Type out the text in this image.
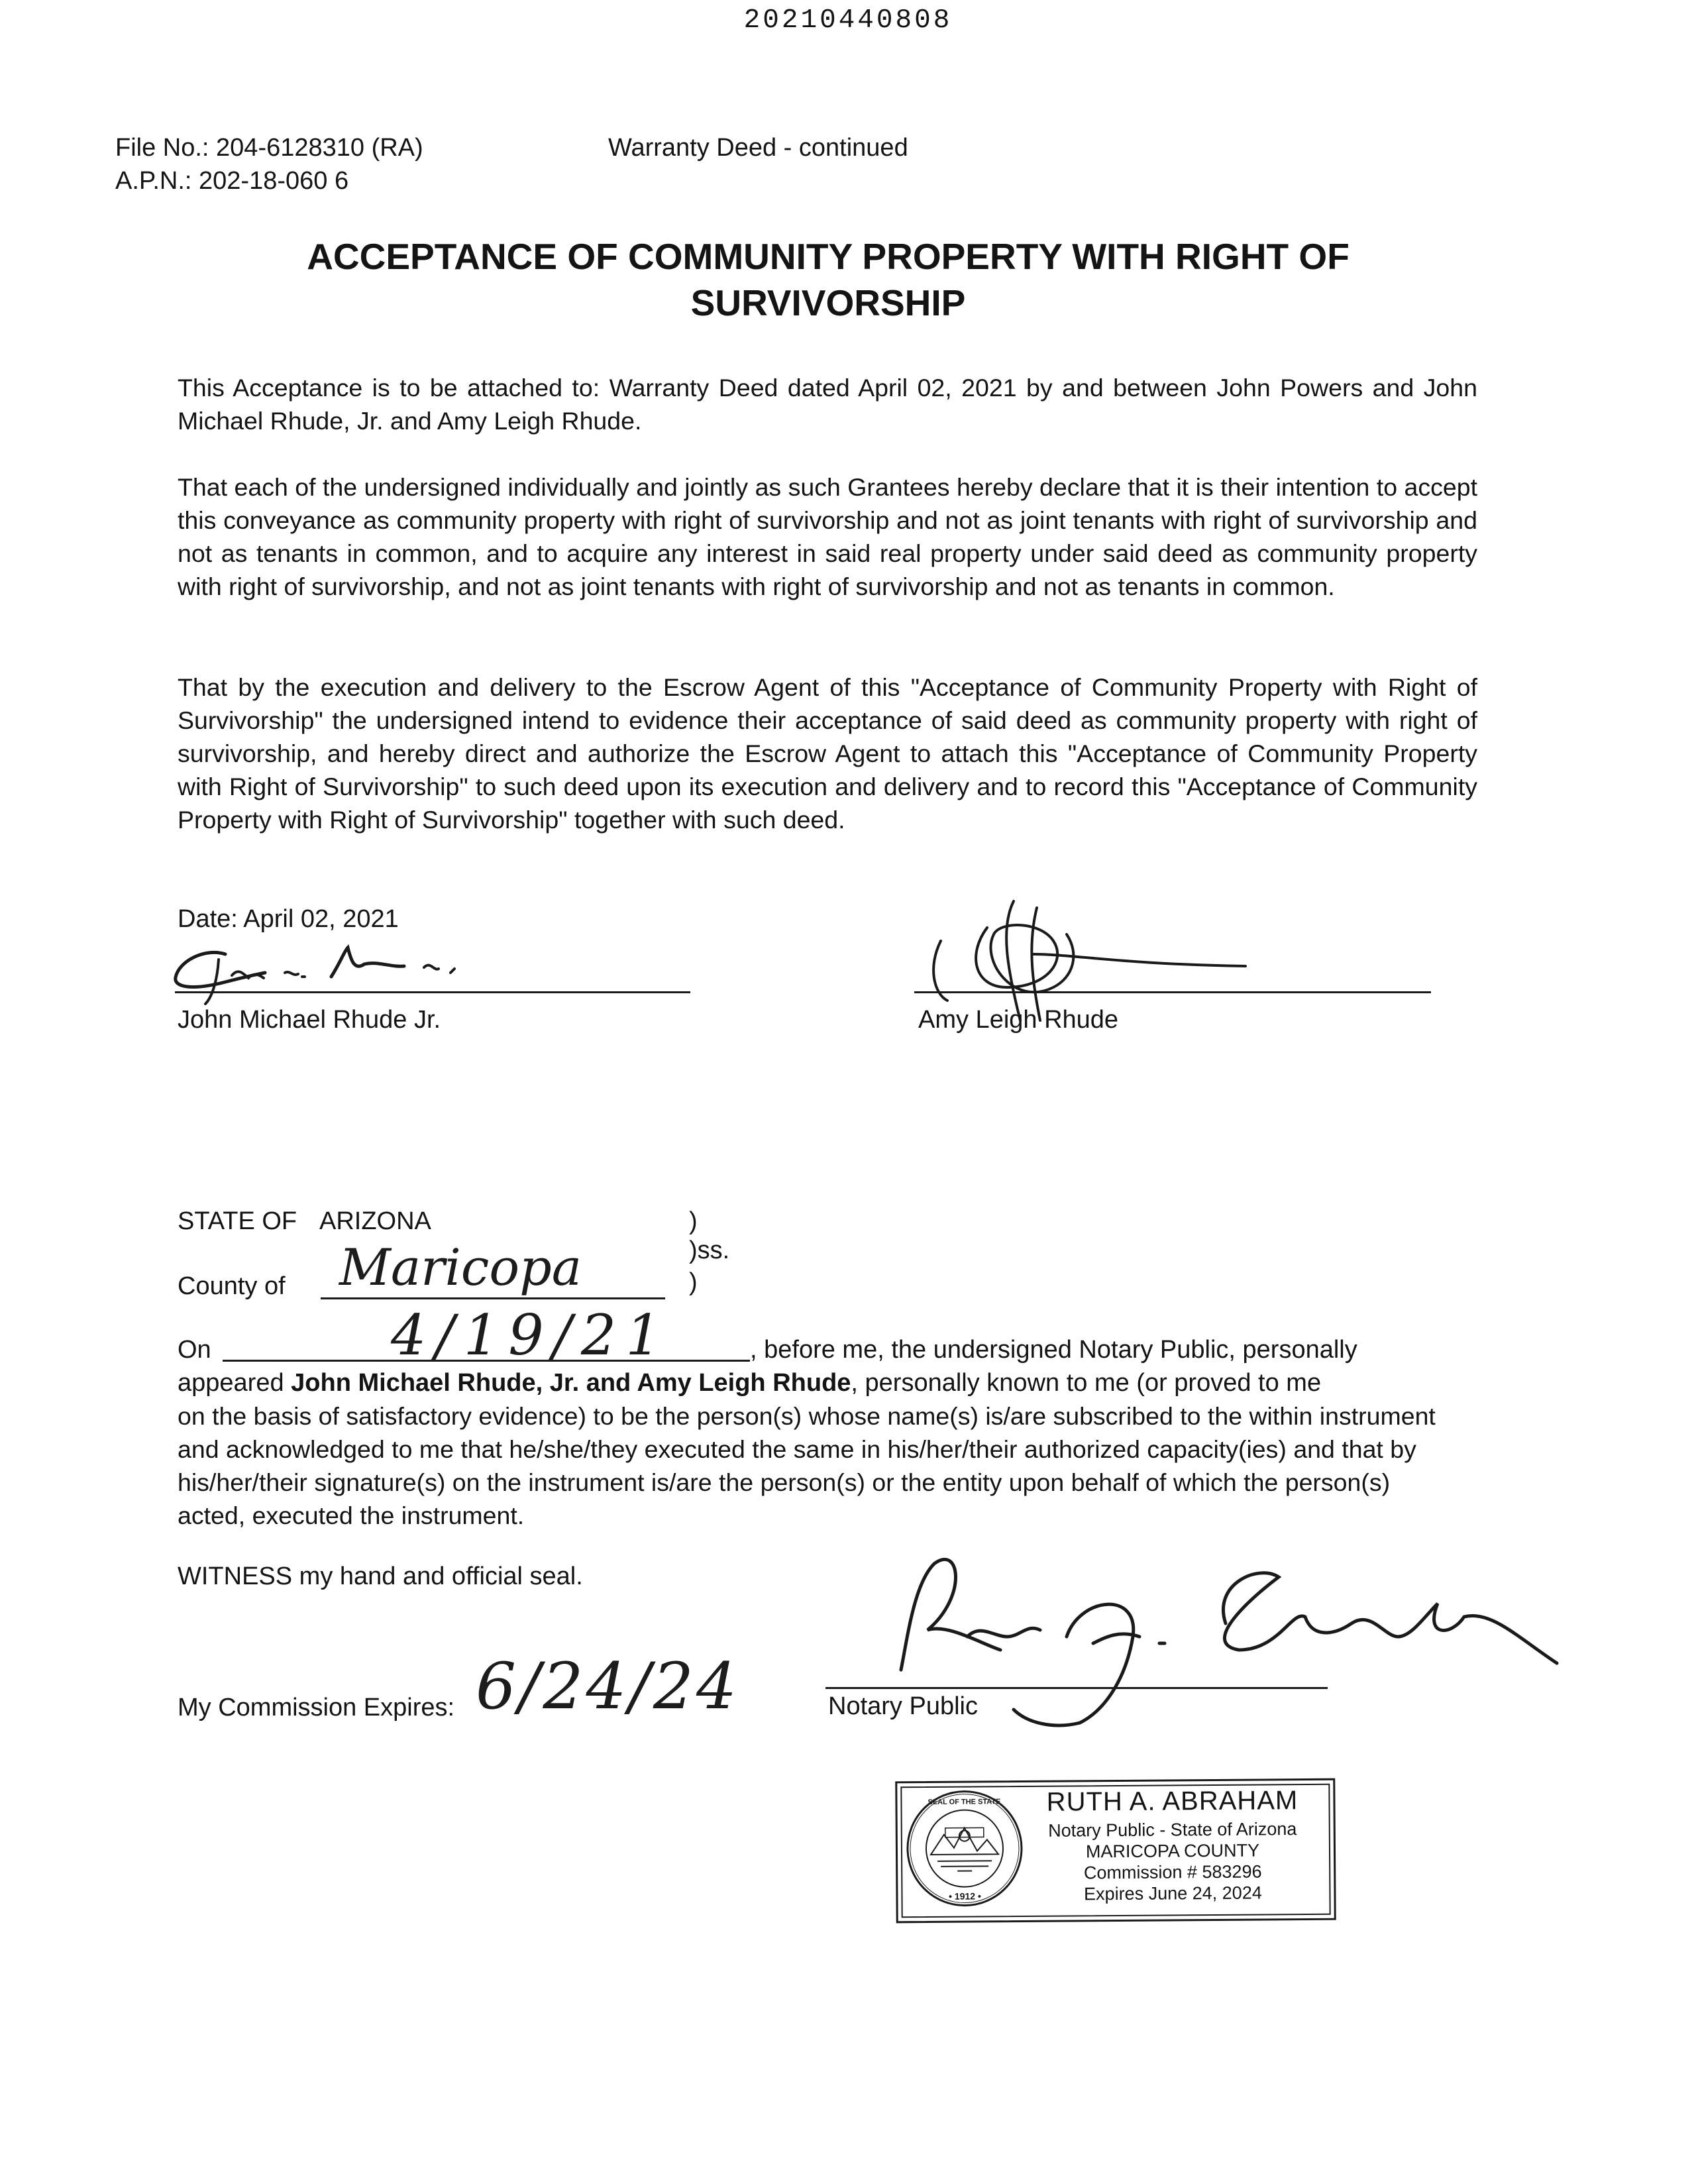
20210440808
File No.: 204-6128310 (RA)
A.P.N.: 202-18-060 6
Warranty Deed - continued
ACCEPTANCE OF COMMUNITY PROPERTY WITH RIGHT OF
SURVIVORSHIP
This Acceptance is to be attached to: Warranty Deed dated April 02, 2021 by and between John Powers and John Michael Rhude, Jr. and Amy Leigh Rhude.
That each of the undersigned individually and jointly as such Grantees hereby declare that it is their intention to accept this conveyance as community property with right of survivorship and not as joint tenants with right of survivorship and not as tenants in common, and to acquire any interest in said real property under said deed as community property with right of survivorship, and not as joint tenants with right of survivorship and not as tenants in common.
That by the execution and delivery to the Escrow Agent of this "Acceptance of Community Property with Right of Survivorship" the undersigned intend to evidence their acceptance of said deed as community property with right of survivorship, and hereby direct and authorize the Escrow Agent to attach this "Acceptance of Community Property with Right of Survivorship" to such deed upon its execution and delivery and to record this "Acceptance of Community Property with Right of Survivorship" together with such deed.
Date: April 02, 2021
John Michael Rhude Jr.	Amy Leigh Rhude
STATE OF ARIZONA	)
)ss.
)
County of Maricopa
On	4/19/21	, before me, the undersigned Notary Public, personally
appeared John Michael Rhude, Jr. and Amy Leigh Rhude, personally known to me (or proved to me
on the basis of satisfactory evidence) to be the person(s) whose name(s) is/are subscribed to the within instrument and acknowledged to me that he/she/they executed the same in his/her/their authorized capacity(ies) and that by his/her/their signature(s) on the instrument is/are the person(s) or the entity upon behalf of which the person(s) acted, executed the instrument.
WITNESS my hand and official seal.
My Commission Expires: 6/24/24	Notary Public
• 1912 •
SEAL OF THE STATE	RUTH A. ABRAHAM
Notary Public - State of Arizona
MARICOPA COUNTY
Commission # 583296
Expires June 24, 2024
